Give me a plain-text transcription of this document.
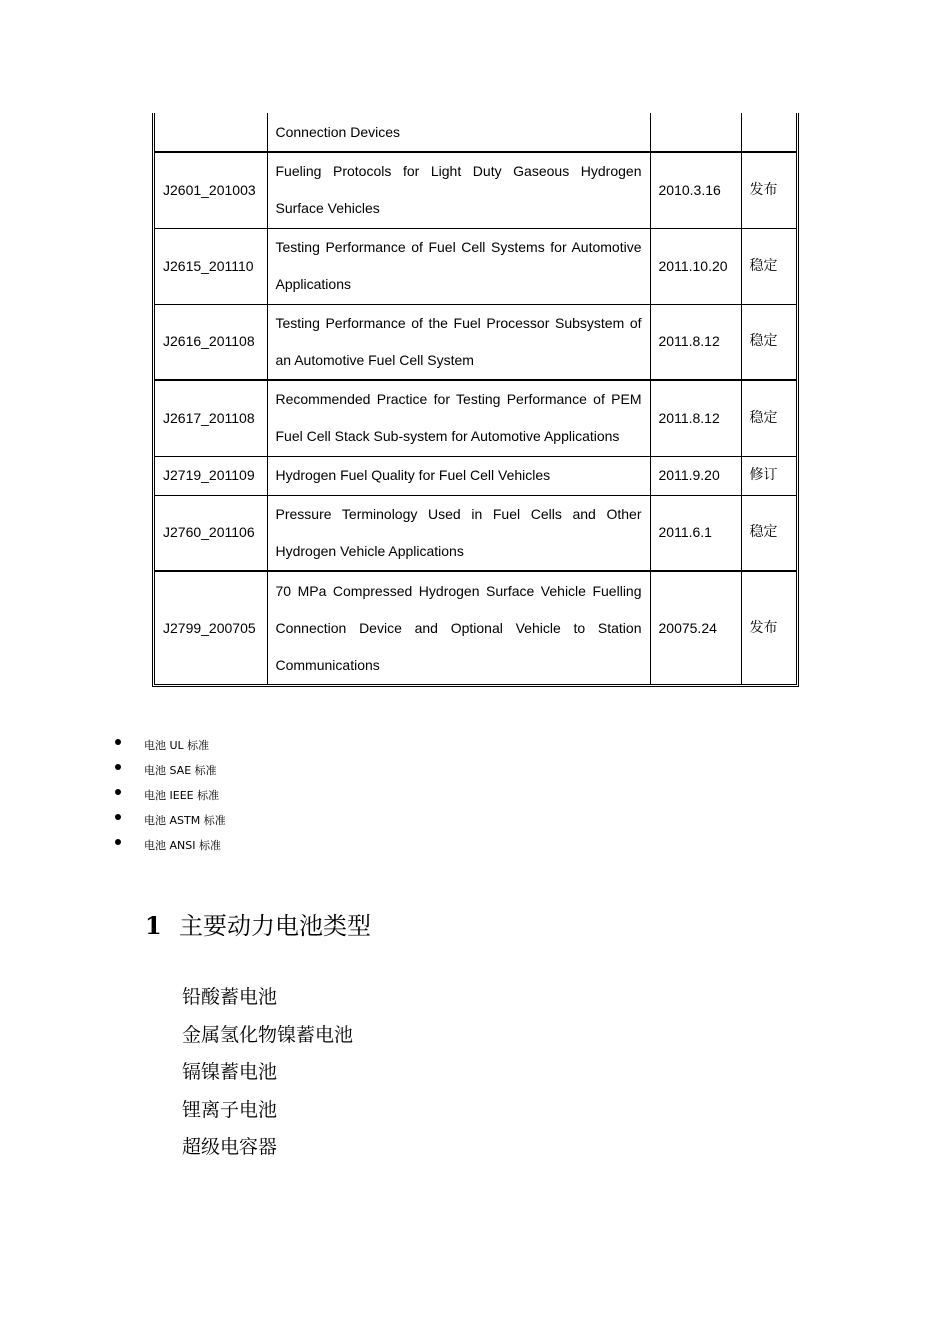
	Connection Devices		
J2601_201003	Fueling Protocols for Light Duty Gaseous Hydrogen Surface Vehicles	2010.3.16	发布
J2615_201110	Testing Performance of Fuel Cell Systems for Automotive Applications	2011.10.20	稳定
J2616_201108	Testing Performance of the Fuel Processor Subsystem of an Automotive Fuel Cell System	2011.8.12	稳定
J2617_201108	Recommended Practice for Testing Performance of PEM Fuel Cell Stack Sub-system for Automotive Applications	2011.8.12	稳定
J2719_201109	Hydrogen Fuel Quality for Fuel Cell Vehicles	2011.9.20	修订
J2760_201106	Pressure Terminology Used in Fuel Cells and Other Hydrogen Vehicle Applications	2011.6.1	稳定
J2799_200705	70 MPa Compressed Hydrogen Surface Vehicle Fuelling Connection Device and Optional Vehicle to Station Communications	20075.24	发布
电池 UL 标准
电池 SAE 标准
电池 IEEE 标准
电池 ASTM 标准
电池 ANSI 标准
1 主要动力电池类型
铅酸蓄电池
金属氢化物镍蓄电池
镉镍蓄电池
锂离子电池
超级电容器
